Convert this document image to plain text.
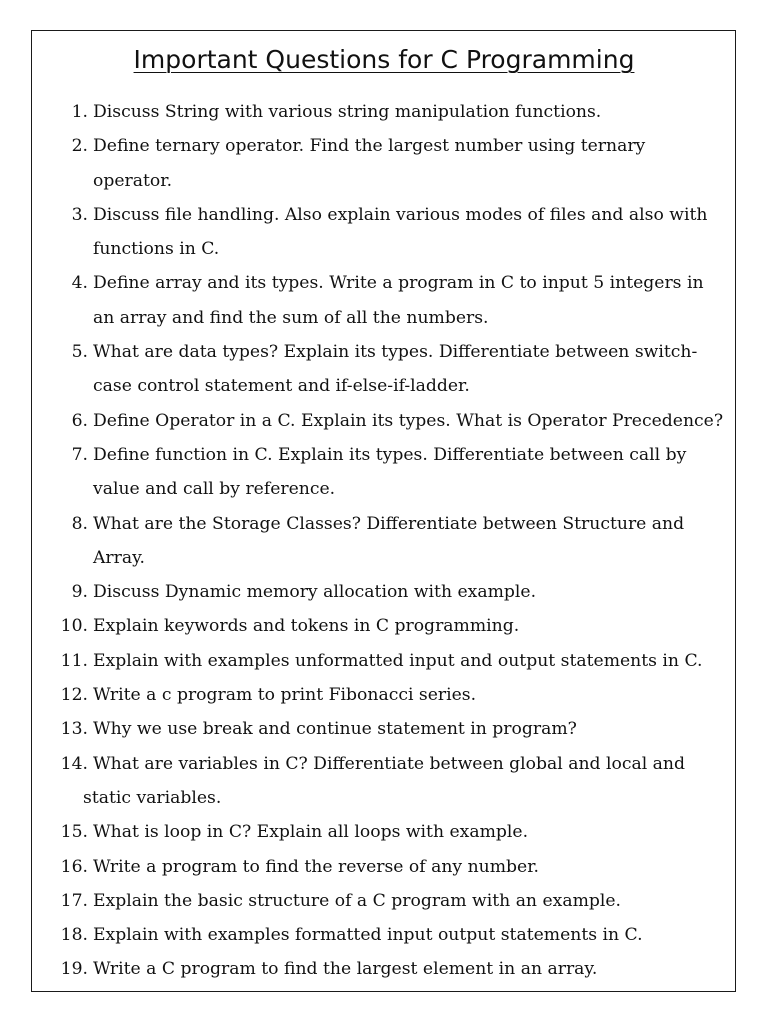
Important Questions for C Programming
1. Discuss String with various string manipulation functions.
2. Define ternary operator. Find the largest number using ternary
operator.
3. Discuss file handling. Also explain various modes of files and also with
functions in C.
4. Define array and its types. Write a program in C to input 5 integers in
an array and find the sum of all the numbers.
5. What are data types? Explain its types. Differentiate between switch-
case control statement and if-else-if-ladder.
6. Define Operator in a C. Explain its types. What is Operator Precedence?
7. Define function in C. Explain its types. Differentiate between call by
value and call by reference.
8. What are the Storage Classes? Differentiate between Structure and
Array.
9. Discuss Dynamic memory allocation with example.
10. Explain keywords and tokens in C programming.
11. Explain with examples unformatted input and output statements in C.
12. Write a c program to print Fibonacci series.
13. Why we use break and continue statement in program?
14. What are variables in C? Differentiate between global and local and
static variables.
15. What is loop in C? Explain all loops with example.
16. Write a program to find the reverse of any number.
17. Explain the basic structure of a C program with an example.
18. Explain with examples formatted input output statements in C.
19. Write a C program to find the largest element in an array.
